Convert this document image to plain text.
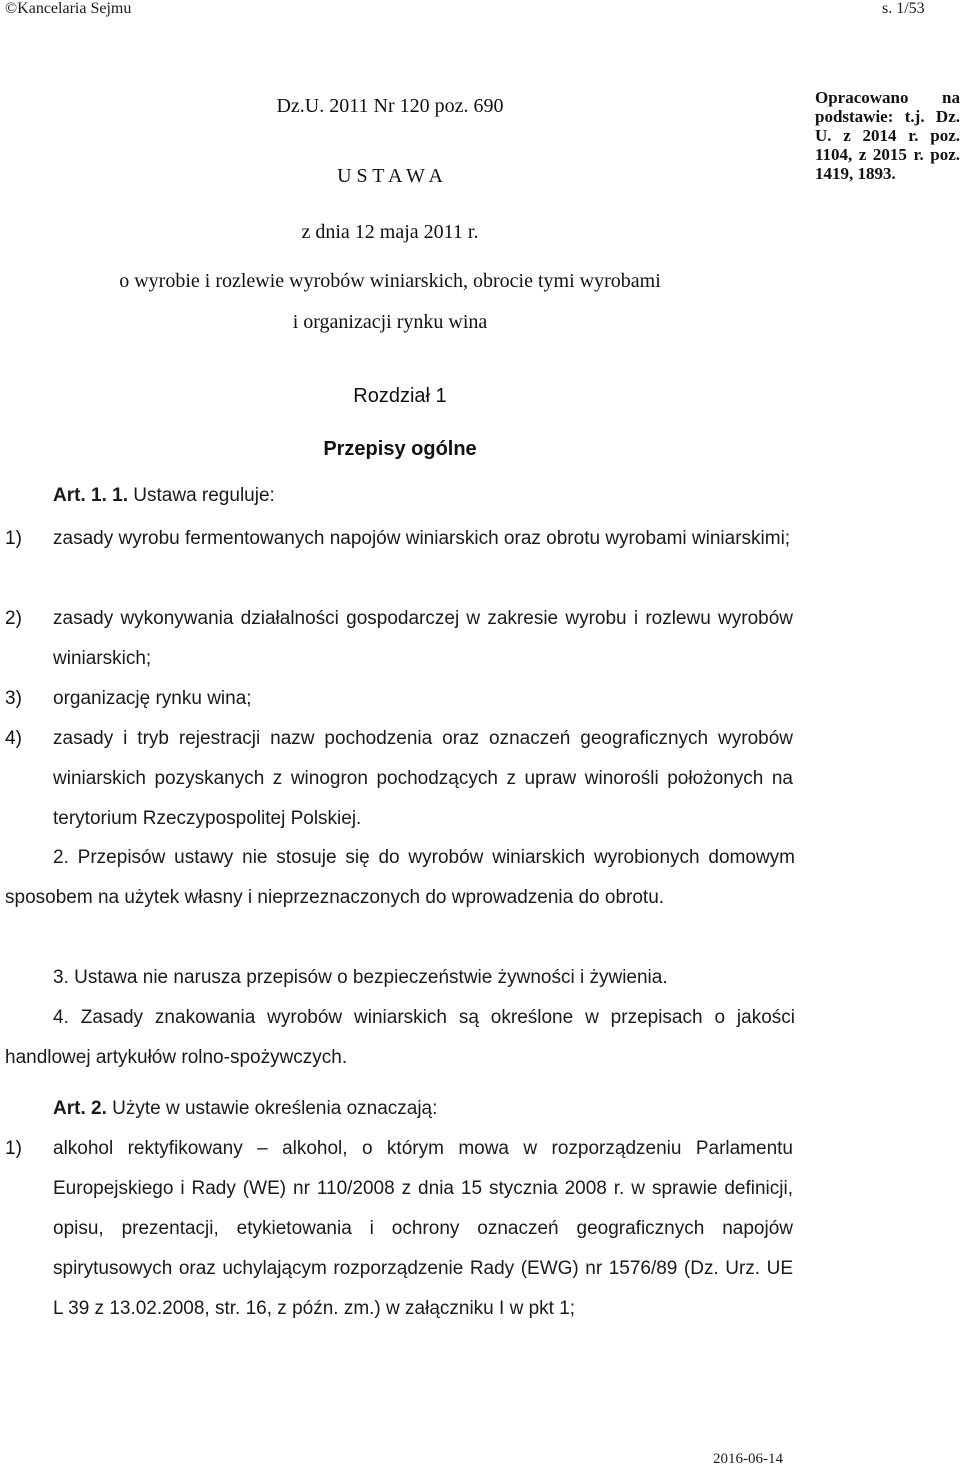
©Kancelaria Sejmu	s. 1/53
Dz.U. 2011 Nr 120 poz. 690
U S T A W A
z dnia 12 maja 2011 r.
Opracowano na podstawie: t.j. Dz. U. z 2014 r. poz. 1104, z 2015 r. poz. 1419, 1893.
o wyrobie i rozlewie wyrobów winiarskich, obrocie tymi wyrobami
i organizacji rynku wina
Rozdział 1
Przepisy ogólne
Art. 1. 1. Ustawa reguluje:
1) zasady wyrobu fermentowanych napojów winiarskich oraz obrotu wyrobami winiarskimi;
2) zasady wykonywania działalności gospodarczej w zakresie wyrobu i rozlewu wyrobów winiarskich;
3) organizację rynku wina;
4) zasady i tryb rejestracji nazw pochodzenia oraz oznaczeń geograficznych wyrobów winiarskich pozyskanych z winogron pochodzących z upraw winorośli położonych na terytorium Rzeczypospolitej Polskiej.
2. Przepisów ustawy nie stosuje się do wyrobów winiarskich wyrobionych domowym sposobem na użytek własny i nieprzeznaczonych do wprowadzenia do obrotu.
3. Ustawa nie narusza przepisów o bezpieczeństwie żywności i żywienia.
4. Zasady znakowania wyrobów winiarskich są określone w przepisach o jakości handlowej artykułów rolno-spożywczych.
Art. 2. Użyte w ustawie określenia oznaczają:
1) alkohol rektyfikowany – alkohol, o którym mowa w rozporządzeniu Parlamentu Europejskiego i Rady (WE) nr 110/2008 z dnia 15 stycznia 2008 r. w sprawie definicji, opisu, prezentacji, etykietowania i ochrony oznaczeń geograficznych napojów spirytusowych oraz uchylającym rozporządzenie Rady (EWG) nr 1576/89 (Dz. Urz. UE L 39 z 13.02.2008, str. 16, z późn. zm.) w załączniku I w pkt 1;
2016-06-14
